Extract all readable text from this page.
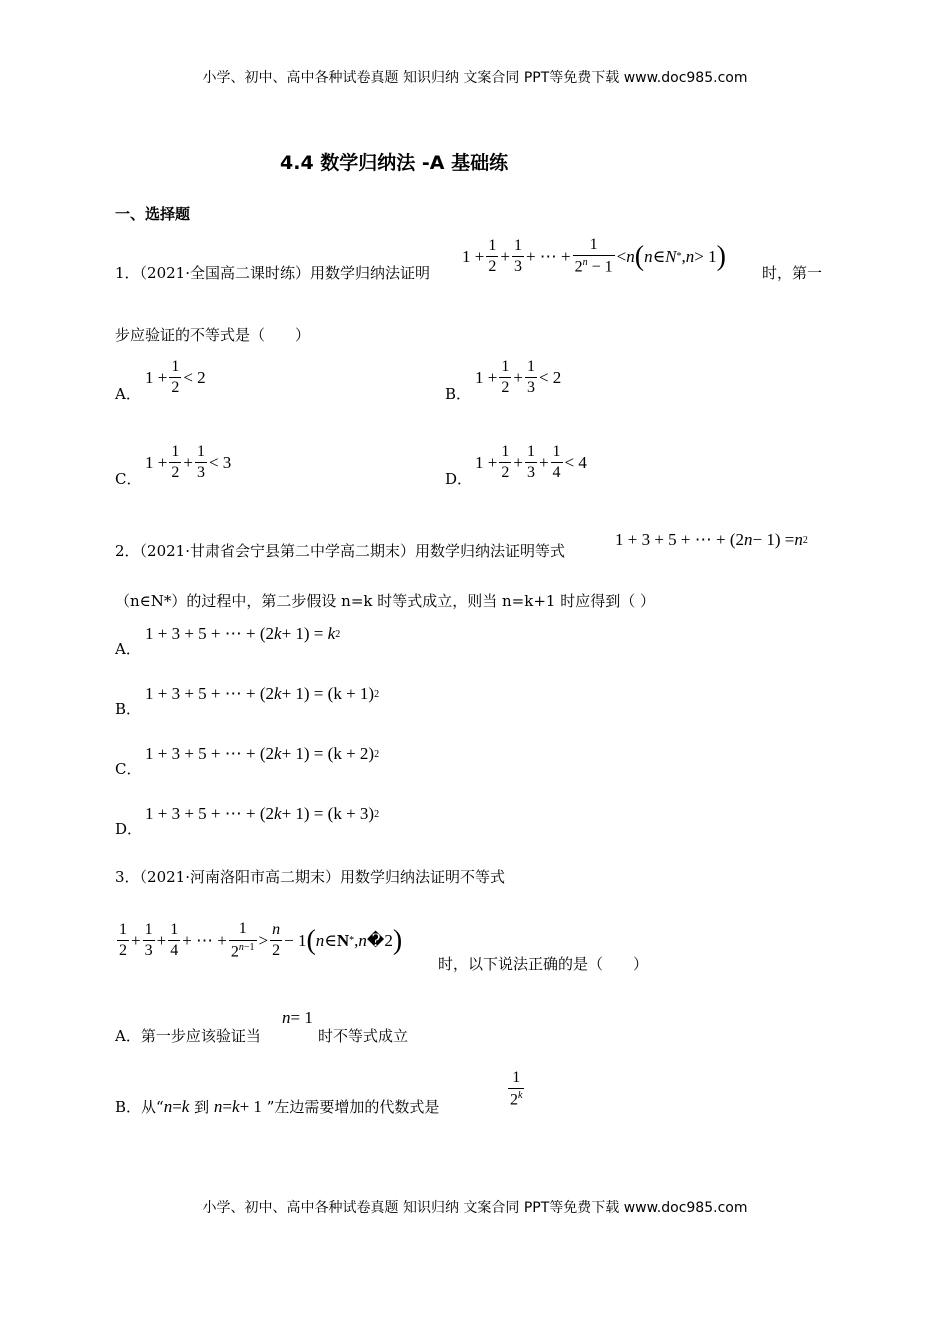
小学、初中、高中各种试卷真题 知识归纳 文案合同 PPT等免费下载 www.doc985.com
4.4 数学归纳法 -A 基础练
一、选择题
1．（2021·全国高二课时练）用数学归纳法证明
$1 + \frac{1}{2} + \frac{1}{3}$ + ⋯ + $\frac{1}{2^n - 1} < n$ ( n ∈ N * , n > 1 )
时，第一
步应验证的不等式是（　　）
A．
$1 + \frac{1}{2} < 2$
B．
$1 + \frac{1}{2} + \frac{1}{3} < 2$
C．
$1 + \frac{1}{2} + \frac{1}{3} < 3$
D．
$1 + \frac{1}{2} + \frac{1}{3} + \frac{1}{4} < 4$
2．（2021·甘肃省会宁县第二中学高二期末）用数学归纳法证明等式
1 + 3 + 5 + ⋯ + (2 n − 1) = n 2
（n∈N*）的过程中，第二步假设 n=k 时等式成立，则当 n=k+1 时应得到（ ）
A．
1 + 3 + 5 + ⋯ + (2 k + 1) = k 2
B．
1 + 3 + 5 + ⋯ + (2 k + 1) = (k + 1) 2
C．
1 + 3 + 5 + ⋯ + (2 k + 1) = (k + 2) 2
D．
1 + 3 + 5 + ⋯ + (2 k + 1) = (k + 3) 2
3．（2021·河南洛阳市高二期末）用数学归纳法证明不等式
$\frac{1}{2} + \frac{1}{3} + \frac{1}{4}$ + ⋯ + $\frac{1}{2^{n-1}} > \frac{n}{2} - 1$ ( n ∈ N * , n �2 )
时，以下说法正确的是（　　）
A．第一步应该验证当
n = 1
时不等式成立
B．从“ n = k 到 n = k + 1 ”左边需要增加的代数式是	$\frac{1}{2^k}$
小学、初中、高中各种试卷真题 知识归纳 文案合同 PPT等免费下载 www.doc985.com
